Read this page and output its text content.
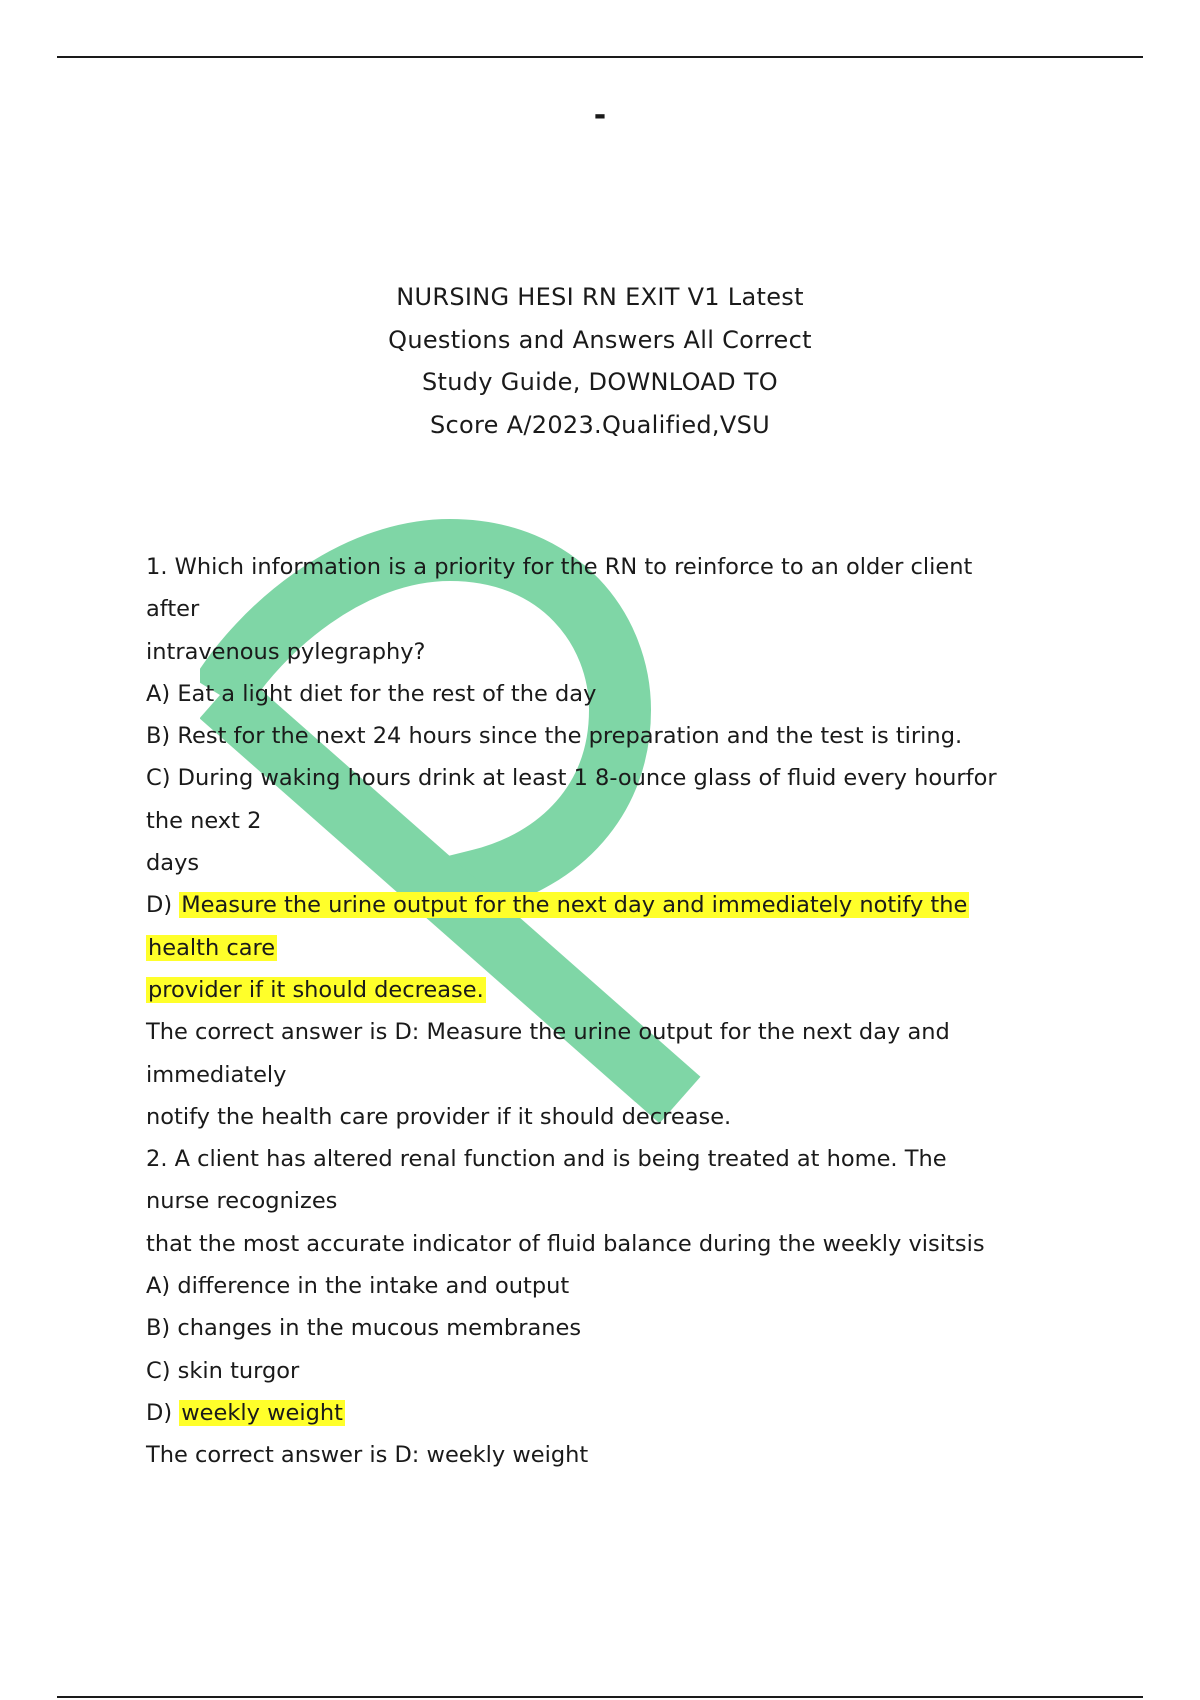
-
NURSING HESI RN EXIT V1 Latest
Questions and Answers All Correct
Study Guide, DOWNLOAD TO
Score A/2023.Qualified,VSU
1. Which information is a priority for the RN to reinforce to an older client
after
intravenous pylegraphy?
A) Eat a light diet for the rest of the day
B) Rest for the next 24 hours since the preparation and the test is tiring.
C) During waking hours drink at least 1 8-ounce glass of fluid every hourfor
the next 2
days
D) Measure the urine output for the next day and immediately notify the
health care
provider if it should decrease.
The correct answer is D: Measure the urine output for the next day and
immediately
notify the health care provider if it should decrease.
2. A client has altered renal function and is being treated at home. The
nurse recognizes
that the most accurate indicator of fluid balance during the weekly visitsis
A) difference in the intake and output
B) changes in the mucous membranes
C) skin turgor
D) weekly weight
The correct answer is D: weekly weight
